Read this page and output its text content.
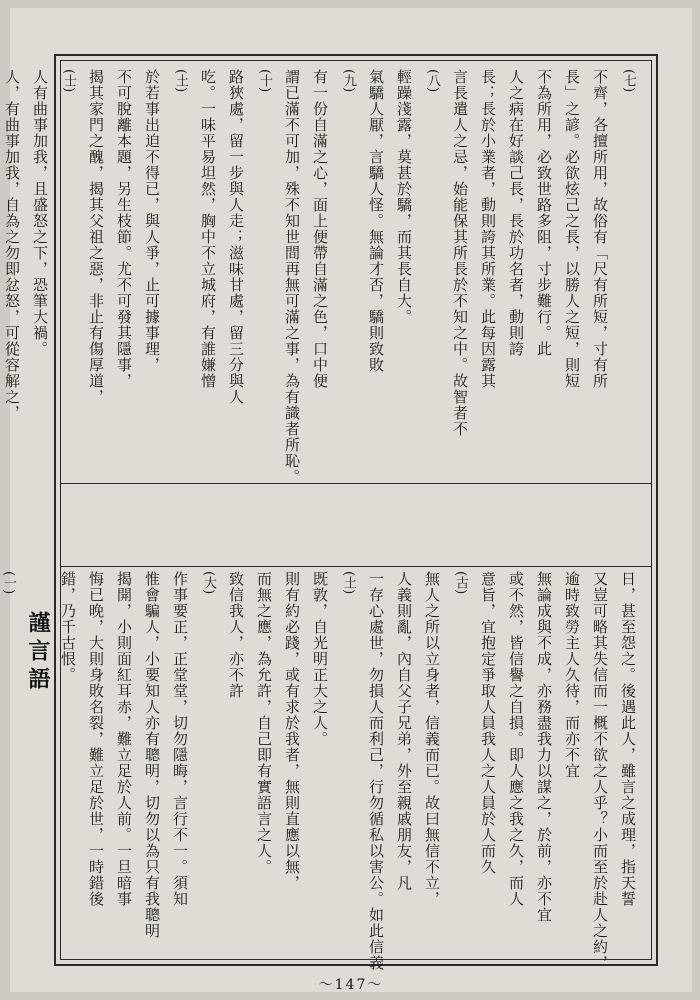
(七)
不齊，各擅所用，故俗有「尺有所短，寸有所
長」之諺。必欲炫己之長，以勝人之短，則短
不為所用，必致世路多阻，寸步難行。此
人之病在好談己長，長於功名者，動則誇
長；長於小業者，動則誇其所業。此每因露其
言長遣人之忌，始能保其所長於不知之中。故智者不
(八)
輕躁淺露，莫甚於驕，而其長自大。
氣驕人厭，言驕人怪。無論才否，驕則致敗
(九)
有一份自滿之心，面上便帶自滿之色，口中便
謂已滿不可加，殊不知世間再無可滿之事，為有識者所恥。
(十)
路狹處，留一步與人走；滋味甘處，留三分與人
吃。一味平易坦然，胸中不立城府，有誰嫌憎
(土)
於若事出迫不得已，與人爭，止可據事理，
不可脫離本題，另生枝節。尤不可發其隱事，
揭其家門之醜，揭其父祖之惡，非止有傷厚道，
(士)
人有曲事加我，且盛怒之下，恐筆大禍。
人，有曲事加我，自為之勿即忿怒，可從容解之，
日，甚至怨之。後遇此人，雖言之成理，指天誓
又豈可略其失信而一概不欲之人乎？小而至於赴人之約，
逾時致勞主人久待，而亦不宜
無論成與不成，亦務盡我力以謀之，於前，亦不宜
或不然，皆信譽之自損。即人應之我之久，而人
意旨，宜抱定爭取人員我人之人員於人而久
(古)
無人之所以立身者，信義而已。故曰無信不立，
人義則亂，內自父子兄弟，外至親戚朋友，凡
一存心處世，勿損人而利己，行勿循私以害公。如此信義
(土)
既敦，自光明正大之人。
則有約必踐，或有求於我者，無則直應以無，
而無之應，為允許，自己即有實語言之人。
致信我人，亦不許
(大)
作事要正，正堂堂，切勿隱晦，言行不一。須知
惟會騙人，小要知人亦有聰明，切勿以為只有我聰明
揭開，小則面紅耳赤，難立足於人前。一旦暗事
悔已晚，大則身敗名裂，難立足於世，一時錯後
錯，乃千古恨。
謹言語
(一)
～147～
